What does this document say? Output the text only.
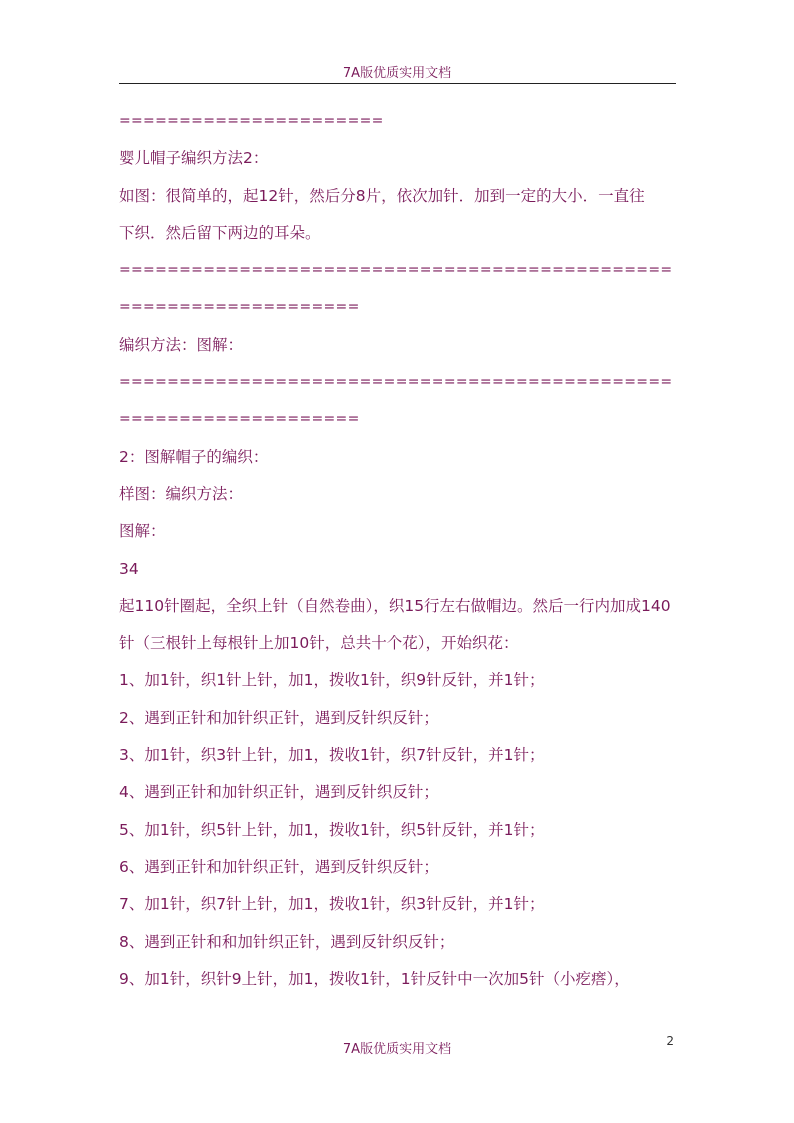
7A版优质实用文档
======================
婴儿帽子编织方法2：
如图：很简单的，起12针，然后分8片，依次加针．加到一定的大小．一直往
下织．然后留下两边的耳朵。
==============================================
====================
编织方法：图解：
==============================================
====================
2：图解帽子的编织：
样图：编织方法：
图解：
34
起110针圈起，全织上针（自然卷曲），织15行左右做帽边。然后一行内加成140
针（三根针上每根针上加10针，总共十个花），开始织花：
1、加1针，织1针上针，加1，拨收1针，织9针反针，并1针；
2、遇到正针和加针织正针，遇到反针织反针；
3、加1针，织3针上针，加1，拨收1针，织7针反针，并1针；
4、遇到正针和加针织正针，遇到反针织反针；
5、加1针，织5针上针，加1，拨收1针，织5针反针，并1针；
6、遇到正针和加针织正针，遇到反针织反针；
7、加1针，织7针上针，加1，拨收1针，织3针反针，并1针；
8、遇到正针和和加针织正针，遇到反针织反针；
9、加1针，织针9上针，加1，拨收1针，1针反针中一次加5针（小疙瘩），
2
7A版优质实用文档
